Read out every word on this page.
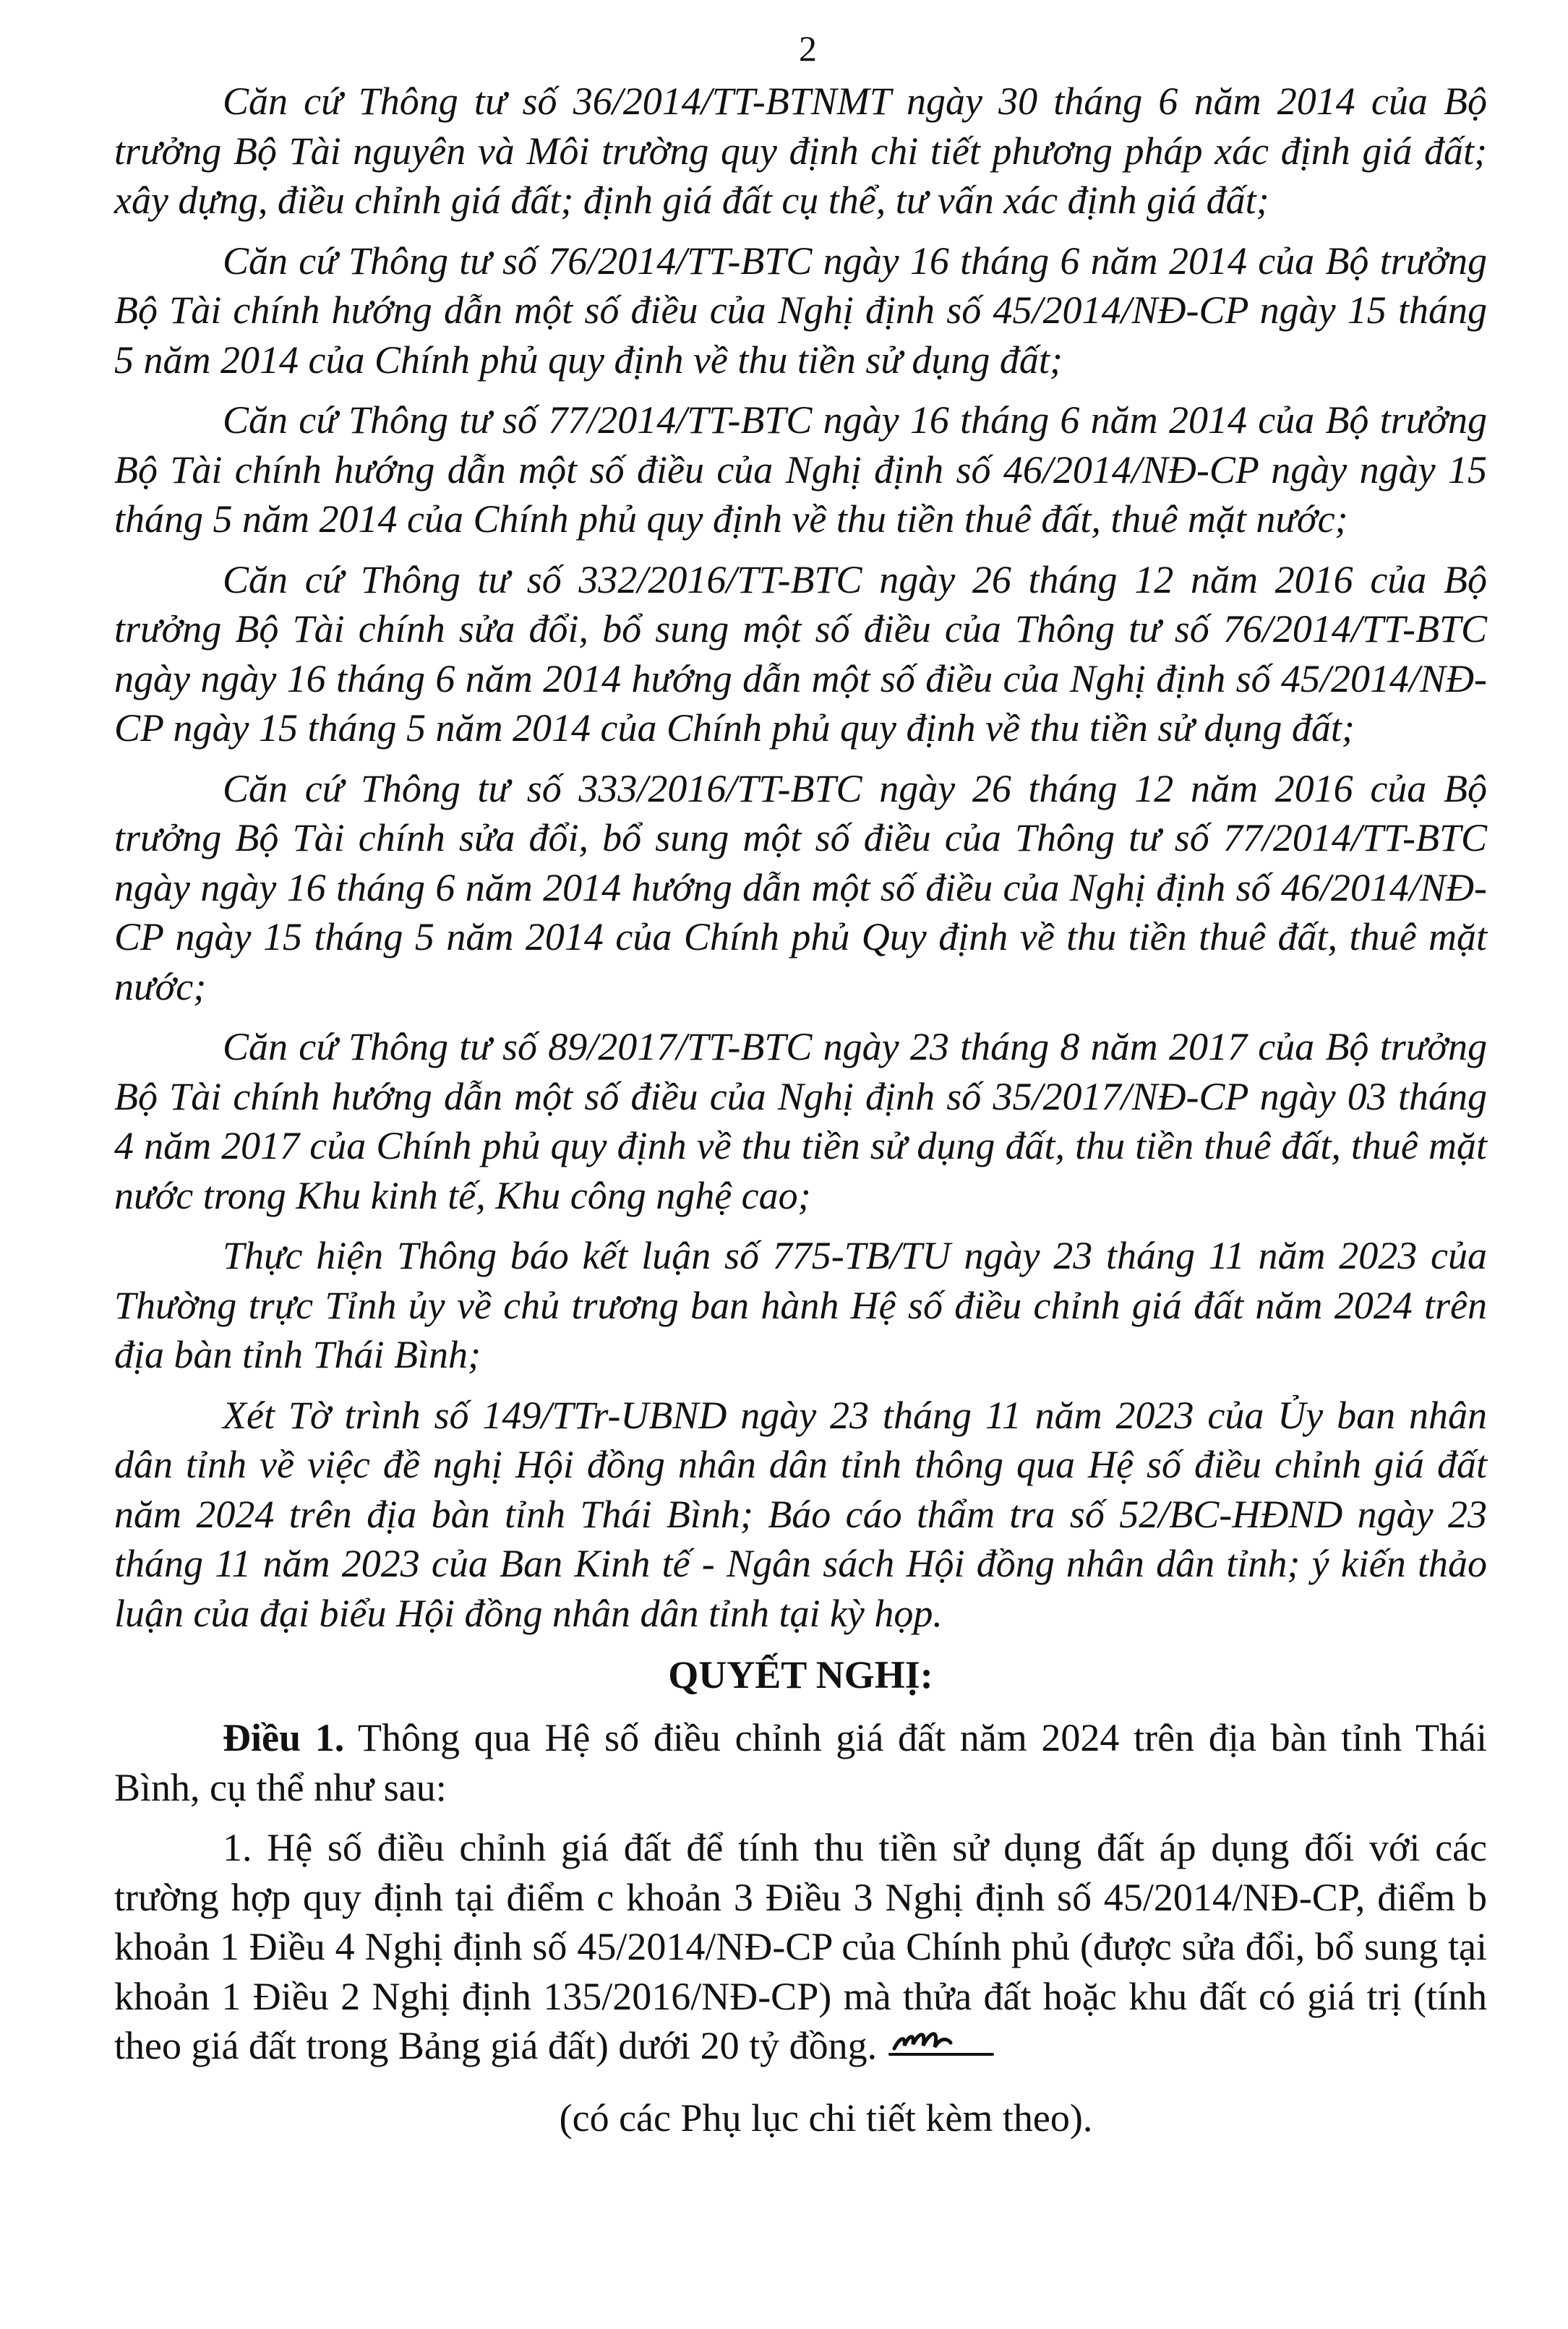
2

Căn cứ Thông tư số 36/2014/TT-BTNMT ngày 30 tháng 6 năm 2014 của Bộ trưởng Bộ Tài nguyên và Môi trường quy định chi tiết phương pháp xác định giá đất; xây dựng, điều chỉnh giá đất; định giá đất cụ thể, tư vấn xác định giá đất;

Căn cứ Thông tư số 76/2014/TT-BTC ngày 16 tháng 6 năm 2014 của Bộ trưởng Bộ Tài chính hướng dẫn một số điều của Nghị định số 45/2014/NĐ-CP ngày 15 tháng 5 năm 2014 của Chính phủ quy định về thu tiền sử dụng đất;

Căn cứ Thông tư số 77/2014/TT-BTC ngày 16 tháng 6 năm 2014 của Bộ trưởng Bộ Tài chính hướng dẫn một số điều của Nghị định số 46/2014/NĐ-CP ngày ngày 15 tháng 5 năm 2014 của Chính phủ quy định về thu tiền thuê đất, thuê mặt nước;

Căn cứ Thông tư số 332/2016/TT-BTC ngày 26 tháng 12 năm 2016 của Bộ trưởng Bộ Tài chính sửa đổi, bổ sung một số điều của Thông tư số 76/2014/TT-BTC ngày ngày 16 tháng 6 năm 2014 hướng dẫn một số điều của Nghị định số 45/2014/NĐ-CP ngày 15 tháng 5 năm 2014 của Chính phủ quy định về thu tiền sử dụng đất;

Căn cứ Thông tư số 333/2016/TT-BTC ngày 26 tháng 12 năm 2016 của Bộ trưởng Bộ Tài chính sửa đổi, bổ sung một số điều của Thông tư số 77/2014/TT-BTC ngày ngày 16 tháng 6 năm 2014 hướng dẫn một số điều của Nghị định số 46/2014/NĐ-CP ngày 15 tháng 5 năm 2014 của Chính phủ Quy định về thu tiền thuê đất, thuê mặt nước;

Căn cứ Thông tư số 89/2017/TT-BTC ngày 23 tháng 8 năm 2017 của Bộ trưởng Bộ Tài chính hướng dẫn một số điều của Nghị định số 35/2017/NĐ-CP ngày 03 tháng 4 năm 2017 của Chính phủ quy định về thu tiền sử dụng đất, thu tiền thuê đất, thuê mặt nước trong Khu kinh tế, Khu công nghệ cao;

Thực hiện Thông báo kết luận số 775-TB/TU ngày 23 tháng 11 năm 2023 của Thường trực Tỉnh ủy về chủ trương ban hành Hệ số điều chỉnh giá đất năm 2024 trên địa bàn tỉnh Thái Bình;

Xét Tờ trình số 149/TTr-UBND ngày 23 tháng 11 năm 2023 của Ủy ban nhân dân tỉnh về việc đề nghị Hội đồng nhân dân tỉnh thông qua Hệ số điều chỉnh giá đất năm 2024 trên địa bàn tỉnh Thái Bình; Báo cáo thẩm tra số 52/BC-HĐND ngày 23 tháng 11 năm 2023 của Ban Kinh tế - Ngân sách Hội đồng nhân dân tỉnh; ý kiến thảo luận của đại biểu Hội đồng nhân dân tỉnh tại kỳ họp.

QUYẾT NGHỊ:

Điều 1. Thông qua Hệ số điều chỉnh giá đất năm 2024 trên địa bàn tỉnh Thái Bình, cụ thể như sau:

1. Hệ số điều chỉnh giá đất để tính thu tiền sử dụng đất áp dụng đối với các trường hợp quy định tại điểm c khoản 3 Điều 3 Nghị định số 45/2014/NĐ-CP, điểm b khoản 1 Điều 4 Nghị định số 45/2014/NĐ-CP của Chính phủ (được sửa đổi, bổ sung tại khoản 1 Điều 2 Nghị định 135/2016/NĐ-CP) mà thửa đất hoặc khu đất có giá trị (tính theo giá đất trong Bảng giá đất) dưới 20 tỷ đồng.

(có các Phụ lục chi tiết kèm theo).
